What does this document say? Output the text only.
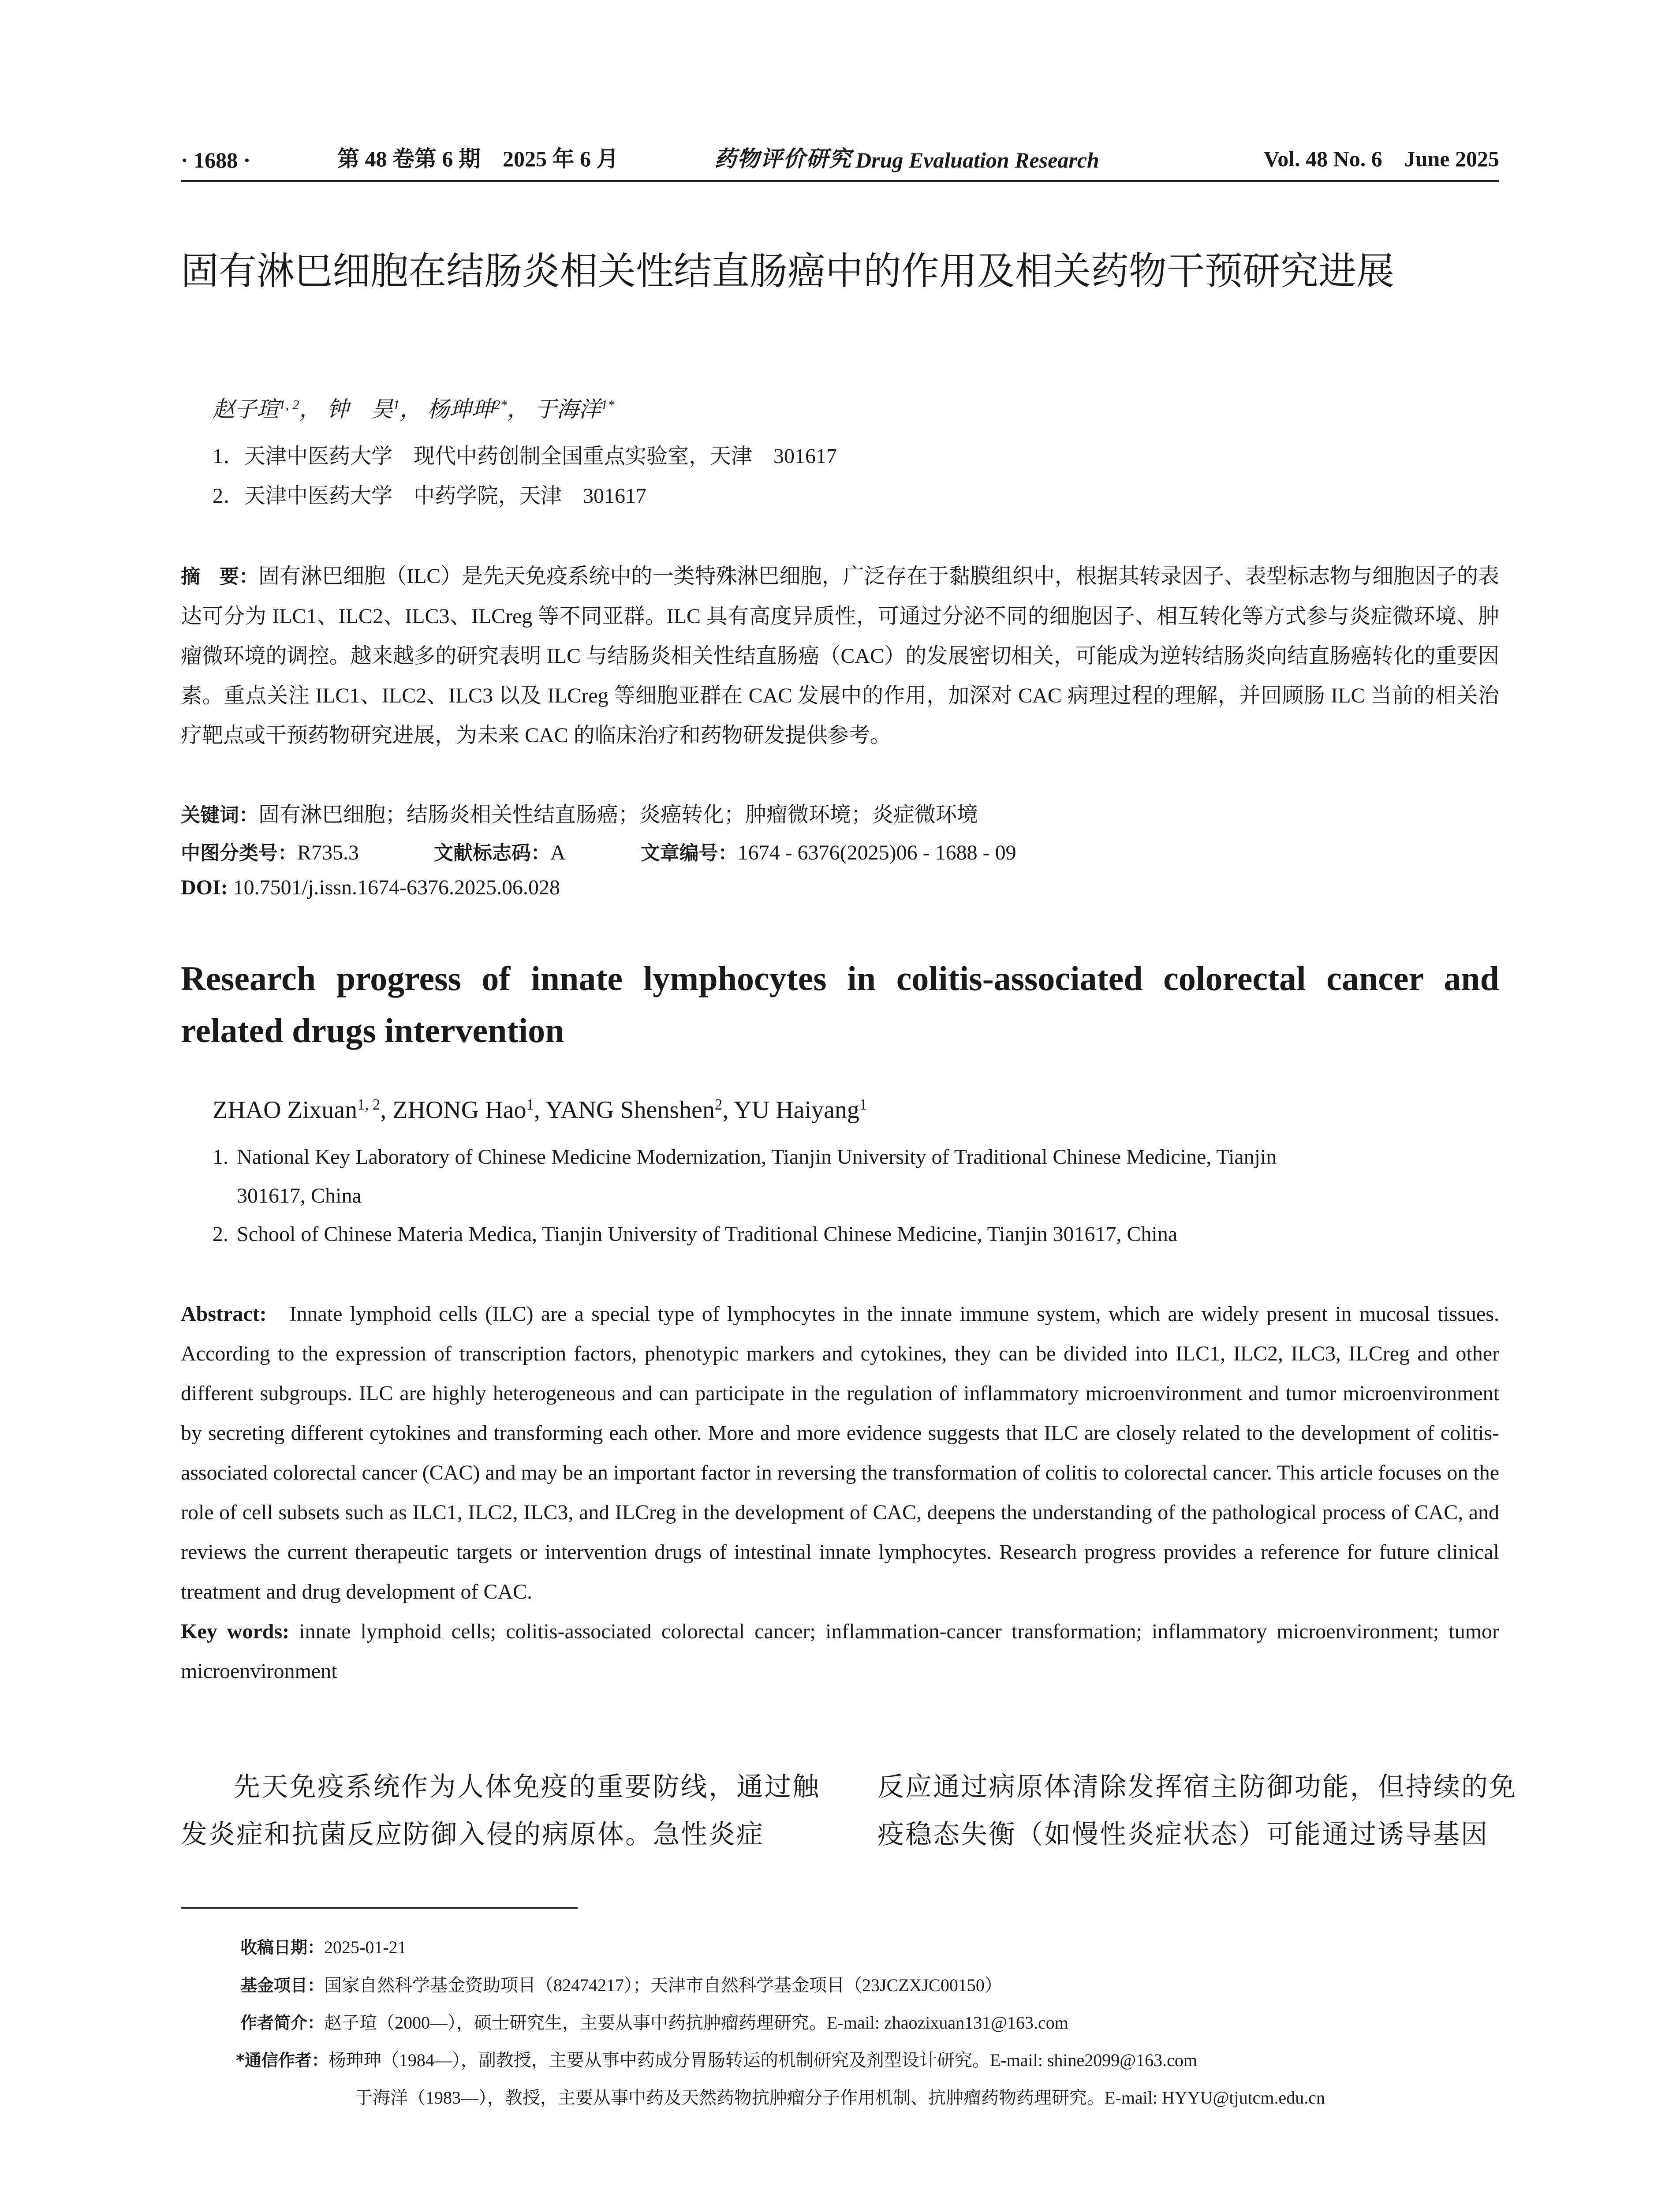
· 1688 ·	第 48 卷第 6 期　2025 年 6 月	药物评价研究 Drug Evaluation Research	Vol. 48 No. 6　June 2025
固有淋巴细胞在结肠炎相关性结直肠癌中的作用及相关药物干预研究进展
赵子瑄$^{1, 2}$， 钟　昊$^1$， 杨珅珅$^{2*}$， 于海洋$^{1*}$
1．天津中医药大学　现代中药创制全国重点实验室，天津　301617
2．天津中医药大学　中药学院，天津　301617
摘　要：固有淋巴细胞（ILC）是先天免疫系统中的一类特殊淋巴细胞，广泛存在于黏膜组织中，根据其转录因子、表型标志物与细胞因子的表达可分为 ILC1、ILC2、ILC3、ILCreg 等不同亚群。ILC 具有高度异质性，可通过分泌不同的细胞因子、相互转化等方式参与炎症微环境、肿瘤微环境的调控。越来越多的研究表明 ILC 与结肠炎相关性结直肠癌（CAC）的发展密切相关，可能成为逆转结肠炎向结直肠癌转化的重要因素。重点关注 ILC1、ILC2、ILC3 以及 ILCreg 等细胞亚群在 CAC 发展中的作用，加深对 CAC 病理过程的理解，并回顾肠 ILC 当前的相关治疗靶点或干预药物研究进展，为未来 CAC 的临床治疗和药物研发提供参考。
关键词：固有淋巴细胞；结肠炎相关性结直肠癌；炎癌转化；肿瘤微环境；炎症微环境
中图分类号：R735.3	文献标志码：A	文章编号：1674 - 6376(2025)06 - 1688 - 09
DOI: 10.7501/j.issn.1674-6376.2025.06.028
Research progress of innate lymphocytes in colitis-associated colorectal cancer and related drugs intervention
ZHAO Zixuan$^{1, 2}$, ZHONG Hao$^1$, YANG Shenshen$^2$, YU Haiyang$^1$
1. National Key Laboratory of Chinese Medicine Modernization, Tianjin University of Traditional Chinese Medicine, Tianjin
301617, China
2. School of Chinese Materia Medica, Tianjin University of Traditional Chinese Medicine, Tianjin 301617, China
Abstract: Innate lymphoid cells (ILC) are a special type of lymphocytes in the innate immune system, which are widely present in mucosal tissues. According to the expression of transcription factors, phenotypic markers and cytokines, they can be divided into ILC1, ILC2, ILC3, ILCreg and other different subgroups. ILC are highly heterogeneous and can participate in the regulation of inflammatory microenvironment and tumor microenvironment by secreting different cytokines and transforming each other. More and more evidence suggests that ILC are closely related to the development of colitis-associated colorectal cancer (CAC) and may be an important factor in reversing the transformation of colitis to colorectal cancer. This article focuses on the role of cell subsets such as ILC1, ILC2, ILC3, and ILCreg in the development of CAC, deepens the understanding of the pathological process of CAC, and reviews the current therapeutic targets or intervention drugs of intestinal innate lymphocytes. Research progress provides a reference for future clinical treatment and drug development of CAC.
Key words: innate lymphoid cells; colitis-associated colorectal cancer; inflammation-cancer transformation; inflammatory microenvironment; tumor microenvironment
先天免疫系统作为人体免疫的重要防线，通过触发炎症和抗菌反应防御入侵的病原体。急性炎症
反应通过病原体清除发挥宿主防御功能，但持续的免疫稳态失衡（如慢性炎症状态）可能通过诱导基因
收稿日期：2025-01-21
基金项目：国家自然科学基金资助项目（82474217）；天津市自然科学基金项目（23JCZXJC00150）
作者简介：赵子瑄（2000—），硕士研究生，主要从事中药抗肿瘤药理研究。E-mail: zhaozixuan131@163.com
*通信作者：杨珅珅（1984—），副教授，主要从事中药成分胃肠转运的机制研究及剂型设计研究。E-mail: shine2099@163.com
于海洋（1983—），教授，主要从事中药及天然药物抗肿瘤分子作用机制、抗肿瘤药物药理研究。E-mail: HYYU@tjutcm.edu.cn
